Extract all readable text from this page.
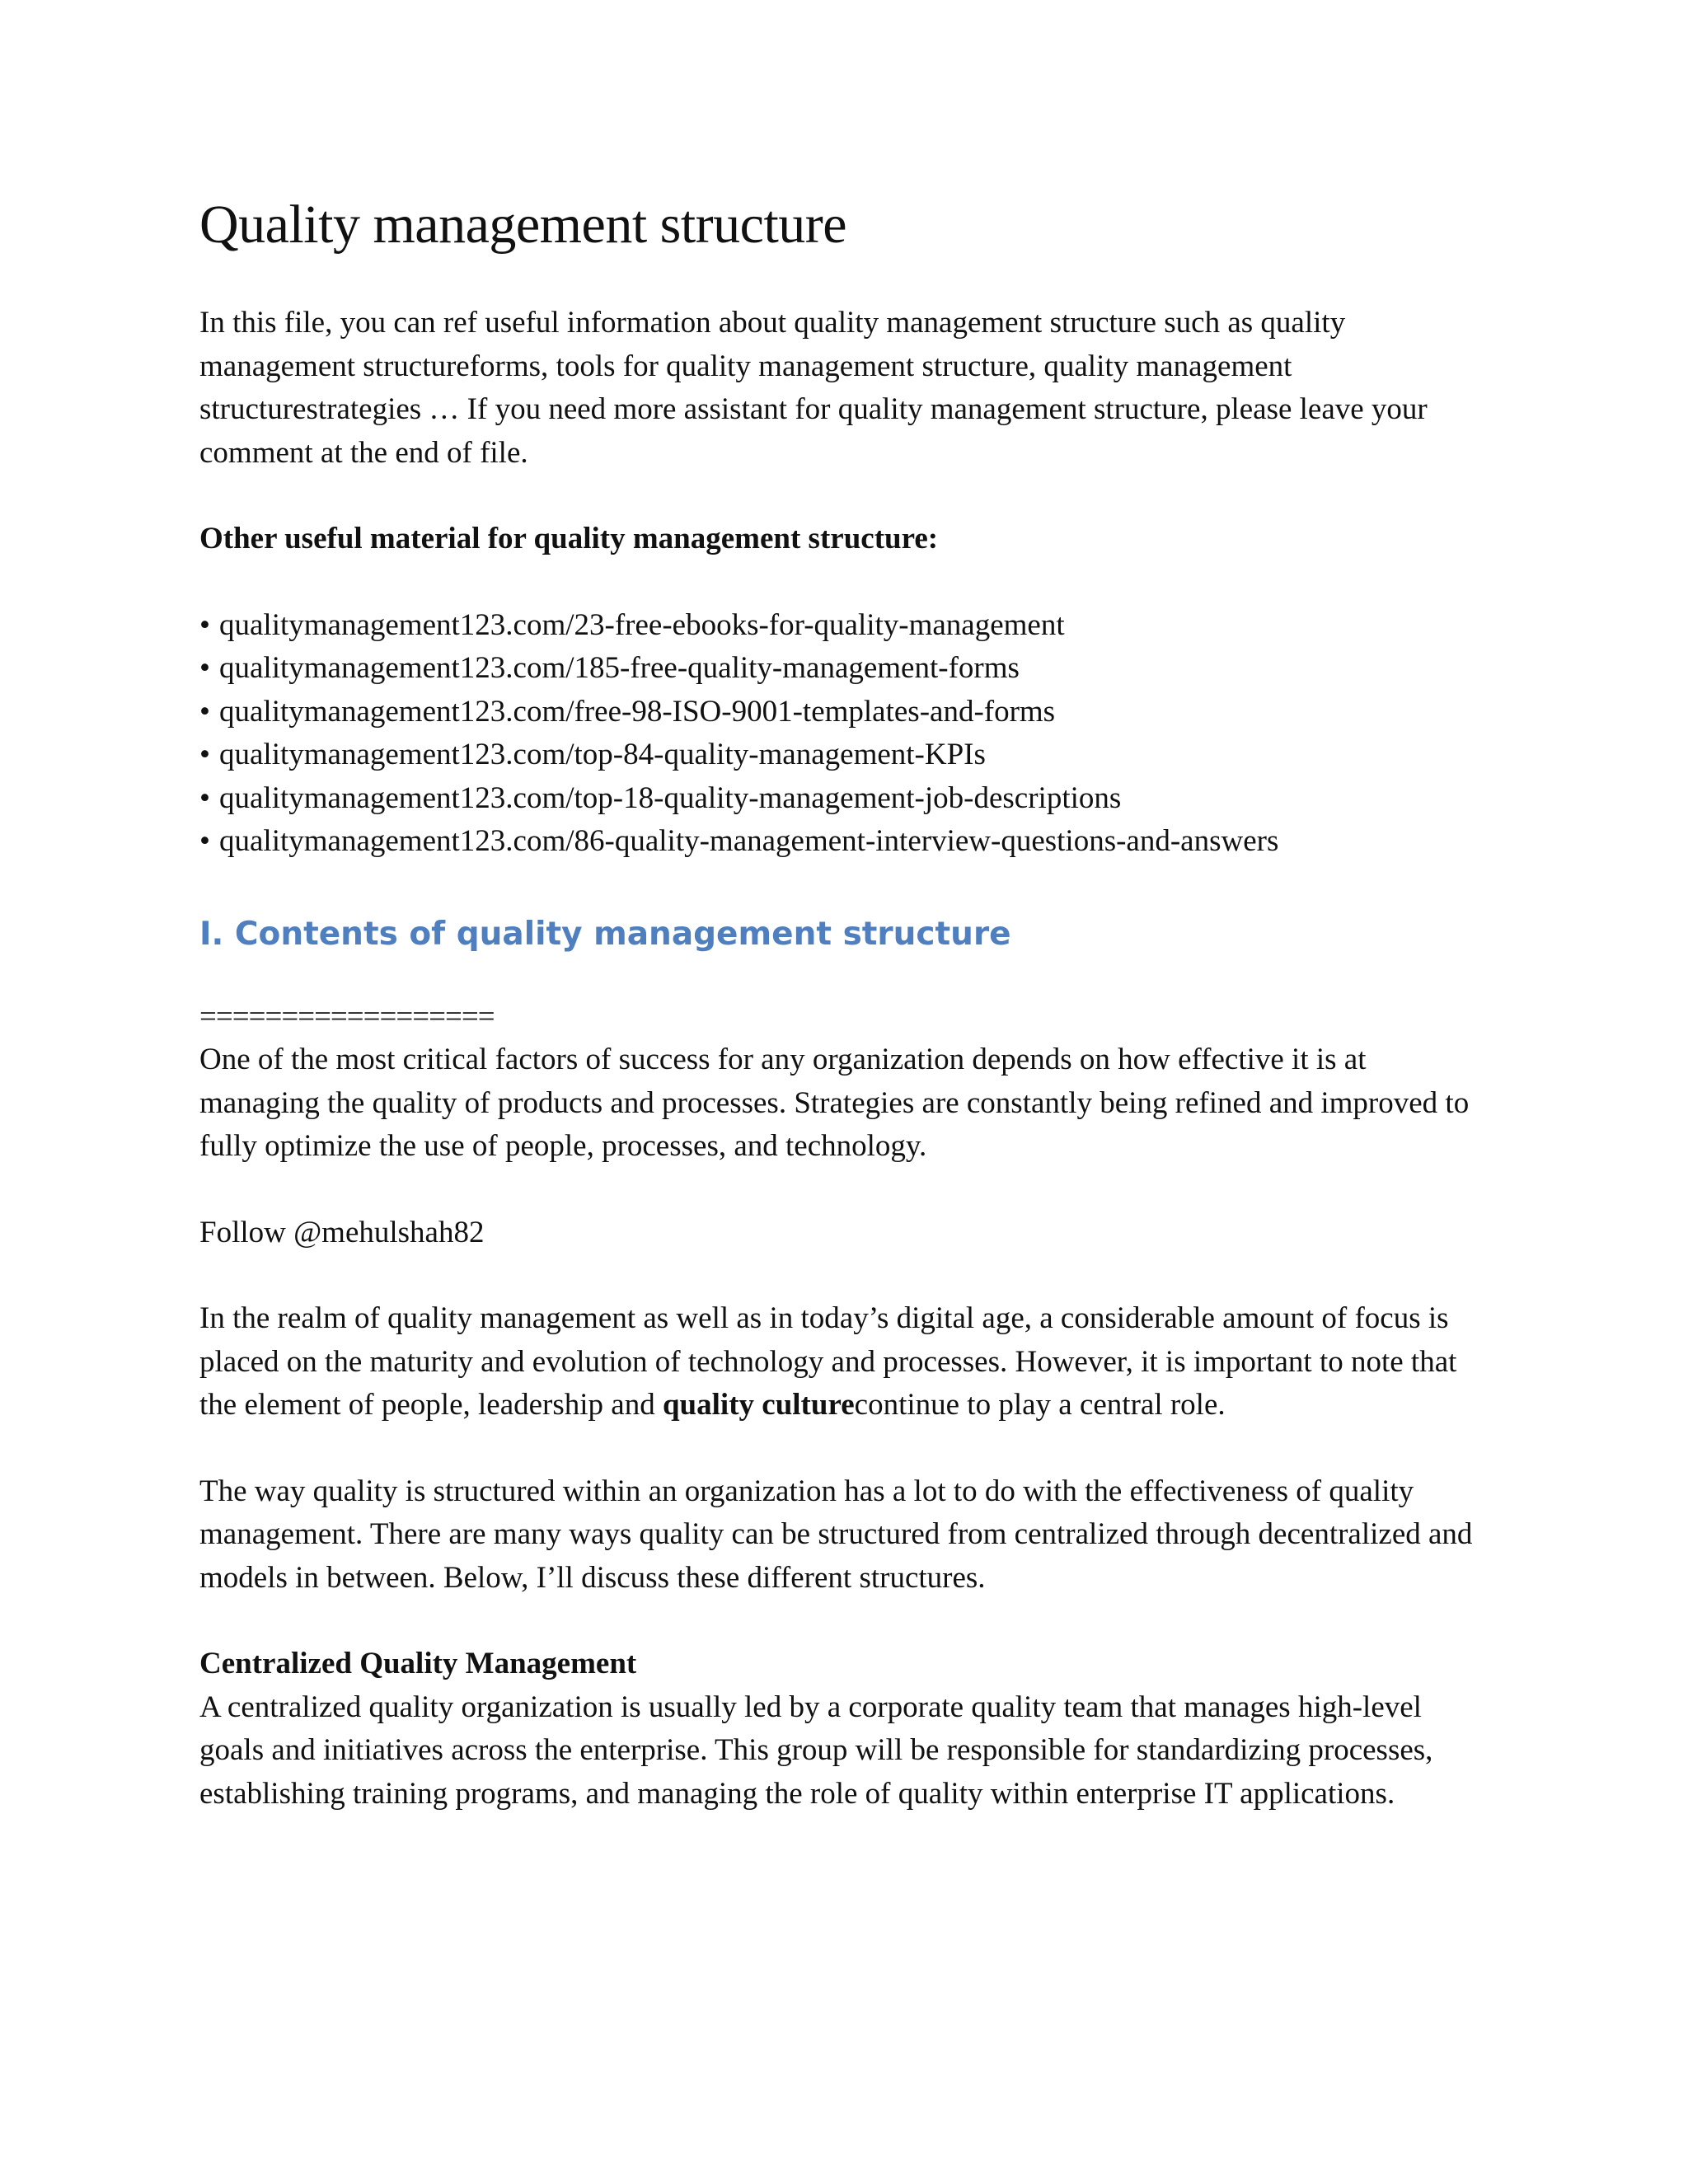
Quality management structure

In this file, you can ref useful information about quality management structure such as quality management structureforms, tools for quality management structure, quality management structurestrategies … If you need more assistant for quality management structure, please leave your comment at the end of file.

Other useful material for quality management structure:

• qualitymanagement123.com/23-free-ebooks-for-quality-management
• qualitymanagement123.com/185-free-quality-management-forms
• qualitymanagement123.com/free-98-ISO-9001-templates-and-forms
• qualitymanagement123.com/top-84-quality-management-KPIs
• qualitymanagement123.com/top-18-quality-management-job-descriptions
• qualitymanagement123.com/86-quality-management-interview-questions-and-answers
I. Contents of quality management structure
==================

One of the most critical factors of success for any organization depends on how effective it is at managing the quality of products and processes. Strategies are constantly being refined and improved to fully optimize the use of people, processes, and technology.

Follow @mehulshah82

In the realm of quality management as well as in today’s digital age, a considerable amount of focus is placed on the maturity and evolution of technology and processes. However, it is important to note that the element of people, leadership and quality culturecontinue to play a central role.

The way quality is structured within an organization has a lot to do with the effectiveness of quality management. There are many ways quality can be structured from centralized through decentralized and models in between. Below, I’ll discuss these different structures.

Centralized Quality Management

A centralized quality organization is usually led by a corporate quality team that manages high-level goals and initiatives across the enterprise. This group will be responsible for standardizing processes, establishing training programs, and managing the role of quality within enterprise IT applications.
